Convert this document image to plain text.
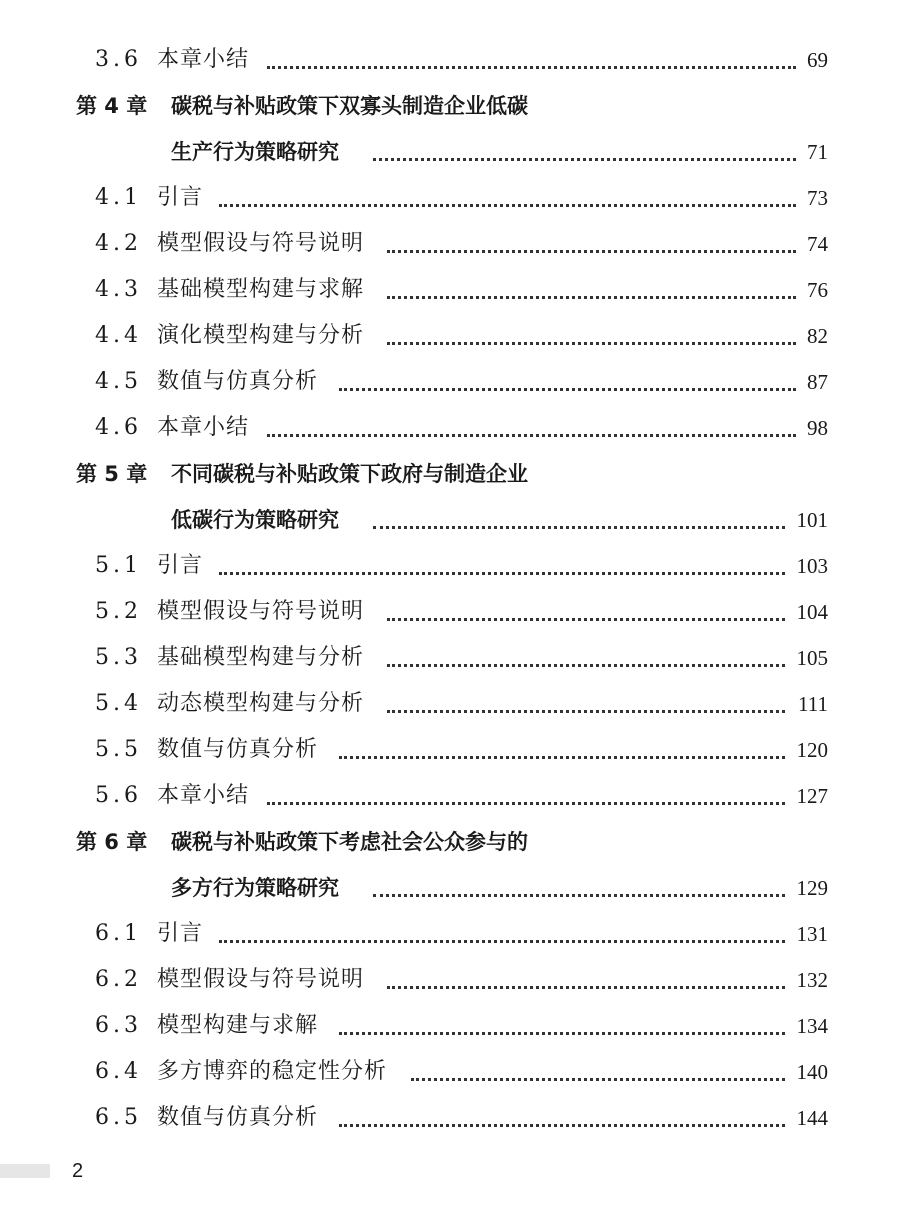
3.6 本章小结	69
第 4 章 碳税与补贴政策下双寡头制造企业低碳
生产行为策略研究	71
4.1 引言	73
4.2 模型假设与符号说明	74
4.3 基础模型构建与求解	76
4.4 演化模型构建与分析	82
4.5 数值与仿真分析	87
4.6 本章小结	98
第 5 章 不同碳税与补贴政策下政府与制造企业
低碳行为策略研究	101
5.1 引言	103
5.2 模型假设与符号说明	104
5.3 基础模型构建与分析	105
5.4 动态模型构建与分析	111
5.5 数值与仿真分析	120
5.6 本章小结	127
第 6 章 碳税与补贴政策下考虑社会公众参与的
多方行为策略研究	129
6.1 引言	131
6.2 模型假设与符号说明	132
6.3 模型构建与求解	134
6.4 多方博弈的稳定性分析	140
6.5 数值与仿真分析	144
2
